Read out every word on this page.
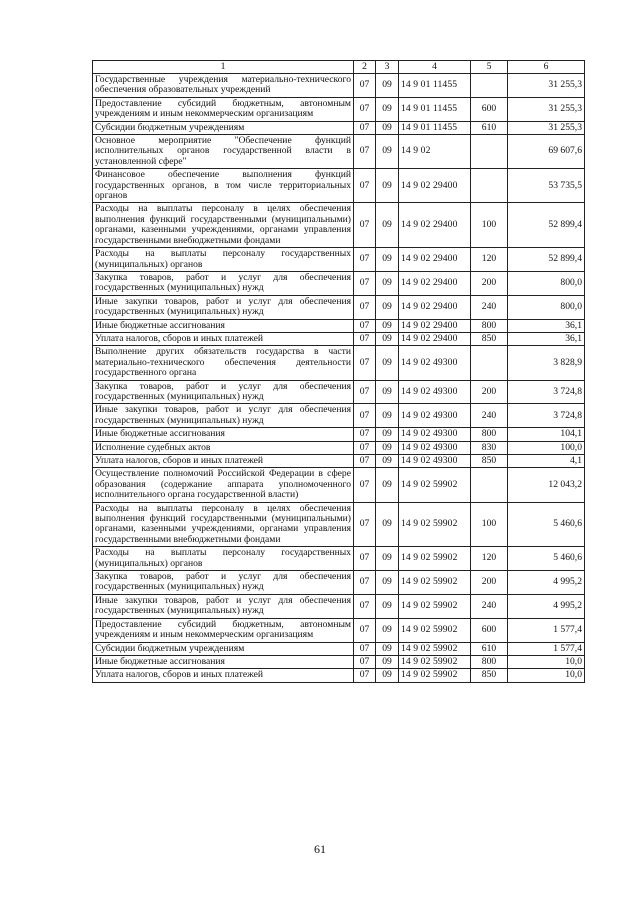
1	2	3	4	5	6
Государственные учреждения материально-технического обеспечения образовательных учреждений	07	09	14 9 01 11455		31 255,3
Предоставление субсидий бюджетным, автономным учреждениям и иным некоммерческим организациям	07	09	14 9 01 11455	600	31 255,3
Субсидии бюджетным учреждениям	07	09	14 9 01 11455	610	31 255,3
Основное мероприятие "Обеспечение функций исполнительных органов государственной власти в установленной сфере"	07	09	14 9 02		69 607,6
Финансовое обеспечение выполнения функций государственных органов, в том числе территориальных органов	07	09	14 9 02 29400		53 735,5
Расходы на выплаты персоналу в целях обеспечения выполнения функций государственными (муниципальными) органами, казенными учреждениями, органами управления государственными внебюджетными фондами	07	09	14 9 02 29400	100	52 899,4
Расходы на выплаты персоналу государственных (муниципальных) органов	07	09	14 9 02 29400	120	52 899,4
Закупка товаров, работ и услуг для обеспечения государственных (муниципальных) нужд	07	09	14 9 02 29400	200	800,0
Иные закупки товаров, работ и услуг для обеспечения государственных (муниципальных) нужд	07	09	14 9 02 29400	240	800,0
Иные бюджетные ассигнования	07	09	14 9 02 29400	800	36,1
Уплата налогов, сборов и иных платежей	07	09	14 9 02 29400	850	36,1
Выполнение других обязательств государства в части материально-технического обеспечения деятельности государственного органа	07	09	14 9 02 49300		3 828,9
Закупка товаров, работ и услуг для обеспечения государственных (муниципальных) нужд	07	09	14 9 02 49300	200	3 724,8
Иные закупки товаров, работ и услуг для обеспечения государственных (муниципальных) нужд	07	09	14 9 02 49300	240	3 724,8
Иные бюджетные ассигнования	07	09	14 9 02 49300	800	104,1
Исполнение судебных актов	07	09	14 9 02 49300	830	100,0
Уплата налогов, сборов и иных платежей	07	09	14 9 02 49300	850	4,1
Осуществление полномочий Российской Федерации в сфере образования (содержание аппарата уполномоченного исполнительного органа государственной власти)	07	09	14 9 02 59902		12 043,2
Расходы на выплаты персоналу в целях обеспечения выполнения функций государственными (муниципальными) органами, казенными учреждениями, органами управления государственными внебюджетными фондами	07	09	14 9 02 59902	100	5 460,6
Расходы на выплаты персоналу государственных (муниципальных) органов	07	09	14 9 02 59902	120	5 460,6
Закупка товаров, работ и услуг для обеспечения государственных (муниципальных) нужд	07	09	14 9 02 59902	200	4 995,2
Иные закупки товаров, работ и услуг для обеспечения государственных (муниципальных) нужд	07	09	14 9 02 59902	240	4 995,2
Предоставление субсидий бюджетным, автономным учреждениям и иным некоммерческим организациям	07	09	14 9 02 59902	600	1 577,4
Субсидии бюджетным учреждениям	07	09	14 9 02 59902	610	1 577,4
Иные бюджетные ассигнования	07	09	14 9 02 59902	800	10,0
Уплата налогов, сборов и иных платежей	07	09	14 9 02 59902	850	10,0
61
